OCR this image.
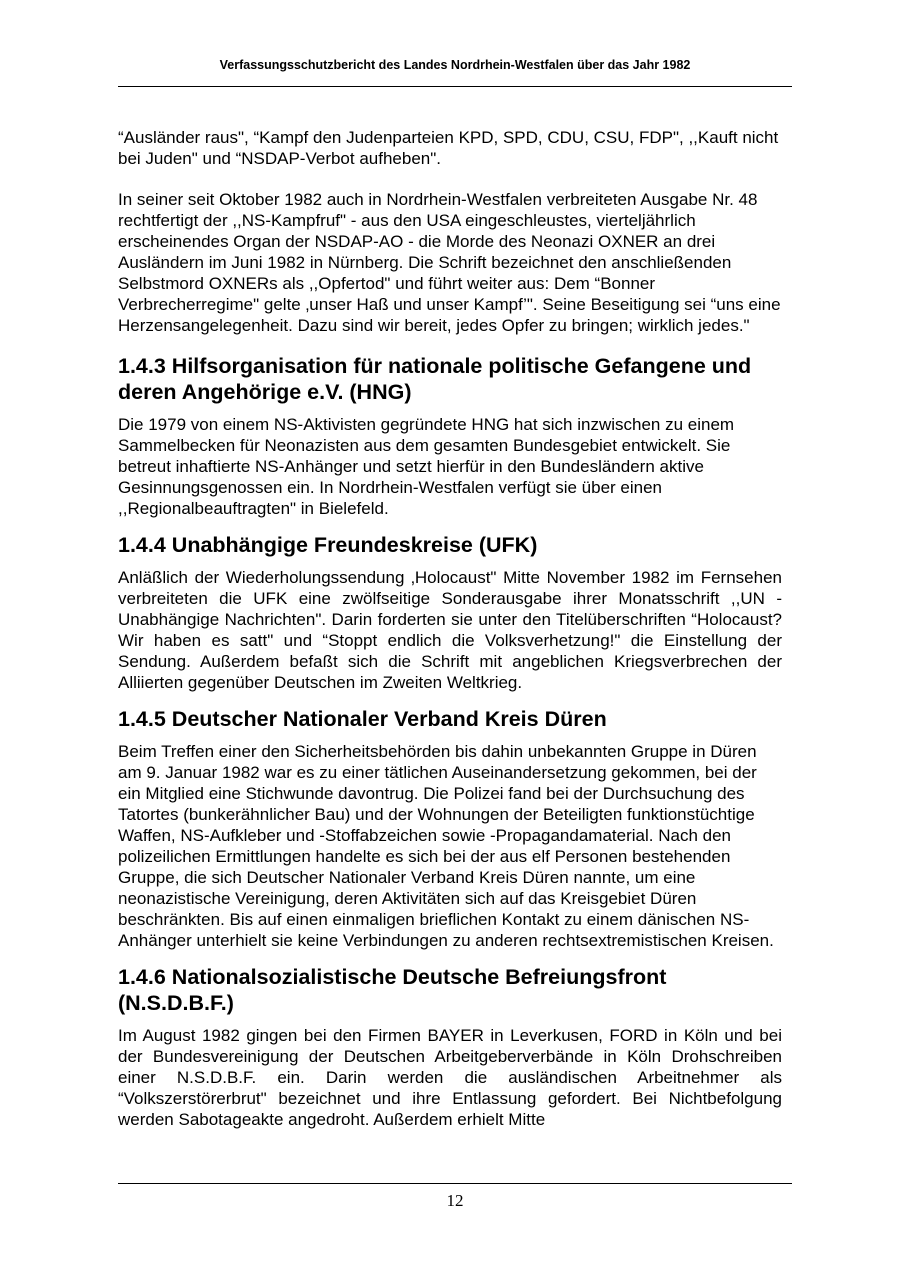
Verfassungsschutzbericht des Landes Nordrhein-Westfalen über das Jahr 1982

“Ausländer raus", “Kampf den Judenparteien KPD, SPD, CDU, CSU, FDP", ,,Kauft nicht bei Juden" und “NSDAP-Verbot aufheben".

In seiner seit Oktober 1982 auch in Nordrhein-Westfalen verbreiteten Ausgabe Nr. 48 rechtfertigt der ,,NS-Kampfruf" - aus den USA eingeschleustes, vierteljährlich erscheinendes Organ der NSDAP-AO - die Morde des Neonazi OXNER an drei Ausländern im Juni 1982 in Nürnberg. Die Schrift bezeichnet den anschließenden Selbstmord OXNERs als ,,Opfertod" und führt weiter aus: Dem “Bonner Verbrecherregime" gelte ‚unser Haß und unser Kampf’". Seine Beseitigung sei “uns eine Herzensangelegenheit. Dazu sind wir bereit, jedes Opfer zu bringen; wirklich jedes."

1.4.3 Hilfsorganisation für nationale politische Gefangene und deren Angehörige e.V. (HNG)

Die 1979 von einem NS-Aktivisten gegründete HNG hat sich inzwischen zu einem Sammelbecken für Neonazisten aus dem gesamten Bundesgebiet entwickelt. Sie betreut inhaftierte NS-Anhänger und setzt hierfür in den Bundesländern aktive Gesinnungsgenossen ein. In Nordrhein-Westfalen verfügt sie über einen ,,Regionalbeauftragten" in Bielefeld.

1.4.4 Unabhängige Freundeskreise (UFK)

Anläßlich der Wiederholungssendung ‚Holocaust" Mitte November 1982 im Fernsehen verbreiteten die UFK eine zwölfseitige Sonderausgabe ihrer Monatsschrift ,,UN - Unabhängige Nachrichten". Darin forderten sie unter den Titelüberschriften “Holocaust? Wir haben es satt" und “Stoppt endlich die Volksverhetzung!" die Einstellung der Sendung. Außerdem befaßt sich die Schrift mit angeblichen Kriegsverbrechen der Alliierten gegenüber Deutschen im Zweiten Weltkrieg.

1.4.5 Deutscher Nationaler Verband Kreis Düren

Beim Treffen einer den Sicherheitsbehörden bis dahin unbekannten Gruppe in Düren am 9. Januar 1982 war es zu einer tätlichen Auseinandersetzung gekommen, bei der ein Mitglied eine Stichwunde davontrug. Die Polizei fand bei der Durchsuchung des Tatortes (bunkerähnlicher Bau) und der Wohnungen der Beteiligten funktionstüchtige Waffen, NS-Aufkleber und -Stoffabzeichen sowie -Propagandamaterial. Nach den polizeilichen Ermittlungen handelte es sich bei der aus elf Personen bestehenden Gruppe, die sich Deutscher Nationaler Verband Kreis Düren nannte, um eine neonazistische Vereinigung, deren Aktivitäten sich auf das Kreisgebiet Düren beschränkten. Bis auf einen einmaligen brieflichen Kontakt zu einem dänischen NS-Anhänger unterhielt sie keine Verbindungen zu anderen rechtsextremistischen Kreisen.

1.4.6 Nationalsozialistische Deutsche Befreiungsfront (N.S.D.B.F.)

Im August 1982 gingen bei den Firmen BAYER in Leverkusen, FORD in Köln und bei der Bundesvereinigung der Deutschen Arbeitgeberverbände in Köln Drohschreiben einer N.S.D.B.F. ein. Darin werden die ausländischen Arbeitnehmer als “Volkszerstörerbrut" bezeichnet und ihre Entlassung gefordert. Bei Nichtbefolgung werden Sabotageakte angedroht. Außerdem erhielt Mitte

12
